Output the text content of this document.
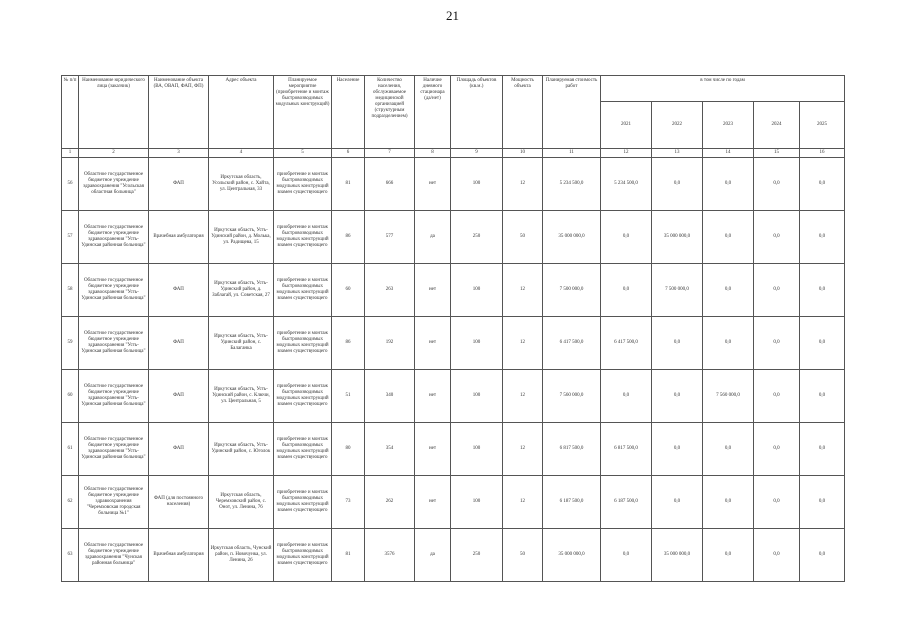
21
№ п/п	Наименование юридического лица (заказчик)	Наименование объекта (ВА, ОВАП, ФАП, ФП)	Адрес объекта	Планируемое мероприятие (приобретение и монтаж быстровозводимых модульных конструкций)	Население	Количество населения, обслуживаемое медицинской организацией (структурным подразделением)	Наличие дневного стационара (да/нет)	Площадь объектов (кв.м.)	Мощность объекта	Планируемая стоимость работ	в том числе по годам				
											2021	2022	2023	2024	2025
1	2	3	4	5	6	7	8	9	10	11	12	13	14	15	16
56	Областное государственное бюджетное учреждение здравоохранения "Усольская областная больница"	ФАП	Иркутская область, Усольский район, с. Хайта, ул. Центральная, 33	приобретение и монтаж быстровозводимых модульных конструкций взамен существующего	81	666	нет	100	12	5 234 500,0	5 234 500,0	0,0	0,0	0,0	0,0
57	Областное государственное бюджетное учреждение здравоохранения "Усть-Удинская районная больница"	Врачебная амбулатория	Иркутская область, Усть-Удинский район, д. Молька, ул. Радищева, 15	приобретение и монтаж быстровозводимых модульных конструкций взамен существующего	86	577	да	250	50	35 000 000,0	0,0	35 000 000,0	0,0	0,0	0,0
58	Областное государственное бюджетное учреждение здравоохранения "Усть-Удинская районная больница"	ФАП	Иркутская область, Усть-Удинский район, д. Заблагай, ул. Советская, 27	приобретение и монтаж быстровозводимых модульных конструкций взамен существующего	60	263	нет	100	12	7 500 000,0	0,0	7 500 000,0	0,0	0,0	0,0
59	Областное государственное бюджетное учреждение здравоохранения "Усть-Удинская районная больница"	ФАП	Иркутская область, Усть-Удинский район, с. Балаганка	приобретение и монтаж быстровозводимых модульных конструкций взамен существующего	86	192	нет	100	12	6 417 500,0	6 417 500,0	0,0	0,0	0,0	0,0
60	Областное государственное бюджетное учреждение здравоохранения "Усть-Удинская районная больница"	ФАП	Иркутская область, Усть-Удинский район, с. Ключи, ул. Центральная, 5	приобретение и монтаж быстровозводимых модульных конструкций взамен существующего	51	340	нет	100	12	7 560 000,0	0,0	0,0	7 560 000,0	0,0	0,0
61	Областное государственное бюджетное учреждение здравоохранения "Усть-Удинская районная больница"	ФАП	Иркутская область, Усть-Удинский район, с. Юголок	приобретение и монтаж быстровозводимых модульных конструкций взамен существующего	80	354	нет	100	12	6 817 500,0	6 817 500,0	0,0	0,0	0,0	0,0
62	Областное государственное бюджетное учреждение здравоохранения "Черемховская городская больница №1"	ФАП (для постоянного населения)	Иркутская область, Черемховский район, с. Онот, ул. Ленина, 76	приобретение и монтаж быстровозводимых модульных конструкций взамен существующего	73	262	нет	100	12	6 187 500,0	6 187 500,0	0,0	0,0	0,0	0,0
63	Областное государственное бюджетное учреждение здравоохранения "Чунская районная больница"	Врачебная амбулатория	Иркутская область, Чунский район, п. Новочунка, ул. Ленина, 26	приобретение и монтаж быстровозводимых модульных конструкций взамен существующего	81	3576	да	250	50	35 000 000,0	0,0	35 000 000,0	0,0	0,0	0,0
